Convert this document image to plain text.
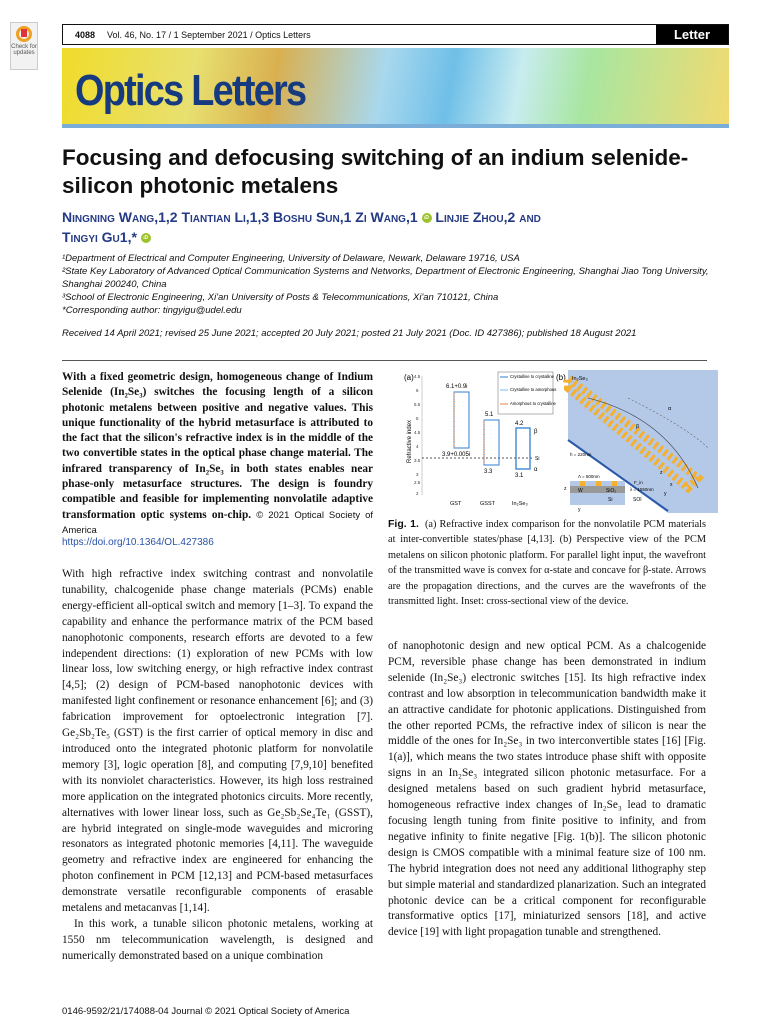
Check for updates
4088 Vol. 46, No. 17 / 1 September 2021 / Optics Letters	Letter
Optics Letters
Focusing and defocusing switching of an indium selenide-silicon photonic metalens
Ningning Wang,1,2 Tiantian Li,1,3 Boshu Sun,1 Zi Wang,1 iD Linjie Zhou,2 and
Tingyi Gu1,* iD
¹Department of Electrical and Computer Engineering, University of Delaware, Newark, Delaware 19716, USA
²State Key Laboratory of Advanced Optical Communication Systems and Networks, Department of Electronic Engineering, Shanghai Jiao Tong University, Shanghai 200240, China
³School of Electronic Engineering, Xi'an University of Posts & Telecommunications, Xi'an 710121, China
*Corresponding author: tingyigu@udel.edu
Received 14 April 2021; revised 25 June 2021; accepted 20 July 2021; posted 21 July 2021 (Doc. ID 427386); published 18 August 2021
With a fixed geometric design, homogeneous change of Indium Selenide (In₂Se₃) switches the focusing length of a silicon photonic metalens between positive and negative values. This unique functionality of the hybrid metasurface is attributed to the fact that the silicon's refractive index is in the middle of the two convertible states in the optical phase change material. The infrared transparency of In₂Se₃ in both states enables near phase-only metasurface structures. The design is foundry compatible and feasible for implementing nonvolatile adaptive transformation optic systems on-chip. © 2021 Optical Society of America
https://doi.org/10.1364/OL.427386

With high refractive index switching contrast and nonvolatile tunability, chalcogenide phase change materials (PCMs) enable energy-efficient all-optical switch and memory [1–3]. To expand the capability and enhance the performance matrix of the PCM based nanophotonic components, research efforts are devoted to a few independent directions: (1) exploration of new PCMs with low linear loss, low switching energy, or high refractive index contrast [4,5]; (2) design of PCM-based nanophotonic devices with manifested light confinement or resonance enhancement [6]; and (3) fabrication improvement for optoelectronic integration [7]. Ge₂Sb₂Te₅ (GST) is the first carrier of optical memory in disc and introduced onto the integrated photonic platform for nonvolatile memory [3], logic operation [8], and computing [7,9,10] benefited with its nonviolet characteristics. However, its high loss restrained more application on the integrated photonics circuits. More recently, alternatives with lower linear loss, such as Ge₂Sb₂Se₄Te₁ (GSST), are hybrid integrated on single-mode waveguides and microring resonators as integrated photonic memories [4,11]. The waveguide geometry and refractive index are engineered for enhancing the photon confinement in PCM [12,13] and PCM-based metasurfaces demonstrate versatile reconfigurable components of erasable metalens and metacanvas [1,14].

In this work, a tunable silicon photonic metalens, working at 1550 nm telecommunication wavelength, is designed and numerically demonstrated based on a unique combination

(a)
Refractive index
4.5
6
5.5
5
4.5
4
3.5
3
2.5
2
Si
6.1+0.9i
3.9+0.005i
5.1
3.3
4.2
3.1
β
α
GST	GSST	In₂Se₃
Crystalline to crystalline
Crystalline to amorphous
Amorphous to crystalline
(b) In₂Se₃
β
α
h = 220nm
F_in
λ = 1550nm
Λ = 500nm
W	SiO₂
Si	SOI
z
x
y
z
y
Fig. 1. (a) Refractive index comparison for the nonvolatile PCM materials at inter-convertible states/phase [4,13]. (b) Perspective view of the PCM metalens on silicon photonic platform. For parallel light input, the wavefront of the transmitted wave is convex for α-state and concave for β-state. Arrows are the propagation directions, and the curves are the wavefronts of the transmitted light. Inset: cross-sectional view of the device.

of nanophotonic design and new optical PCM. As a chalcogenide PCM, reversible phase change has been demonstrated in indium selenide (In₂Se₃) electronic switches [15]. Its high refractive index contrast and low absorption in telecommunication bandwidth make it an attractive candidate for photonic applications. Distinguished from the other reported PCMs, the refractive index of silicon is near the middle of the ones for In₂Se₃ in two interconvertible states [16] [Fig. 1(a)], which means the two states introduce phase shift with opposite signs in an In₂Se₃ integrated silicon photonic metasurface. For a designed metalens based on such gradient hybrid metasurface, homogeneous refractive index changes of In₂Se₃ lead to dramatic focusing length tuning from finite positive to infinity, and from negative infinity to finite negative [Fig. 1(b)]. The silicon photonic design is CMOS compatible with a minimal feature size of 100 nm. The hybrid integration does not need any additional lithography step but simple material and standardized planarization. Such an integrated photonic device can be a critical component for reconfigurable transformative optics [17], miniaturized sensors [18], and active device [19] with light propagation tunable and strengthened.

0146-9592/21/174088-04 Journal © 2021 Optical Society of America
